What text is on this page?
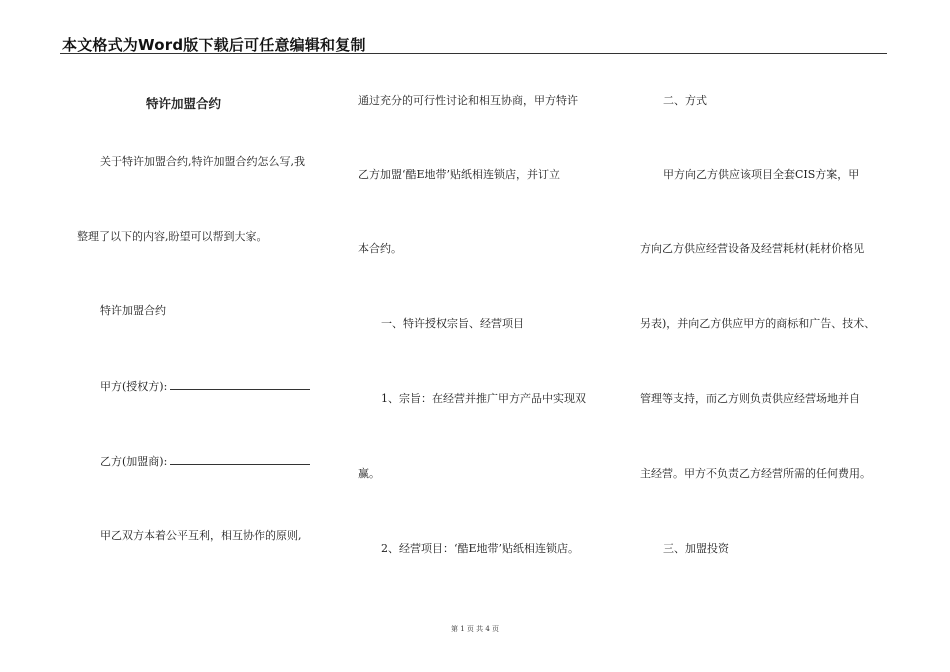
本文格式为Word版下载后可任意编辑和复制
特许加盟合约
关于特许加盟合约,特许加盟合约怎么写,我
整理了以下的内容,盼望可以帮到大家。
特许加盟合约
甲方(授权方):
乙方(加盟商):
甲乙双方本着公平互利，相互协作的原则,
通过充分的可行性讨论和相互协商，甲方特许
乙方加盟‘酷E地带’贴纸相连锁店，并订立
本合约。
一、特许授权宗旨、经营项目
1、宗旨：在经营并推广甲方产品中实现双
赢。
2、经营项目：‘酷E地带’贴纸相连锁店。
二、方式
甲方向乙方供应该项目全套CIS方案，甲
方向乙方供应经营设备及经营耗材(耗材价格见
另表)，并向乙方供应甲方的商标和广告、技术、
管理等支持，而乙方则负责供应经营场地并自
主经营。甲方不负责乙方经营所需的任何费用。
三、加盟投资
第 1 页 共 4 页
